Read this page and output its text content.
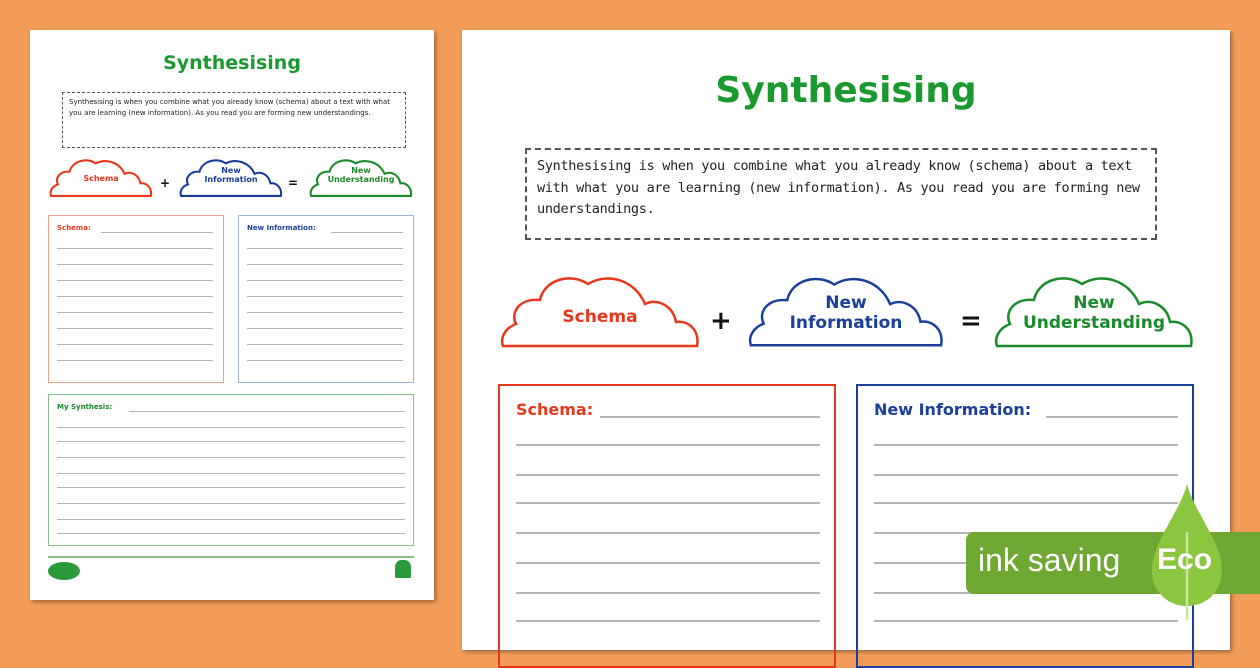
Synthesising
Synthesising is when you combine what you already know (schema) about a text with what you are learning (new information). As you read you are forming new understandings.
Schema	+
New
Information	=
New
Understanding
Schema:	New Information:
My Synthesis:
Synthesising
Synthesising is when you combine what you already know (schema) about a text with what you are learning (new information). As you read you are forming new understandings.
Schema	+
New
Information	=
New
Understanding
Schema:	New Information:
ink saving Eco
